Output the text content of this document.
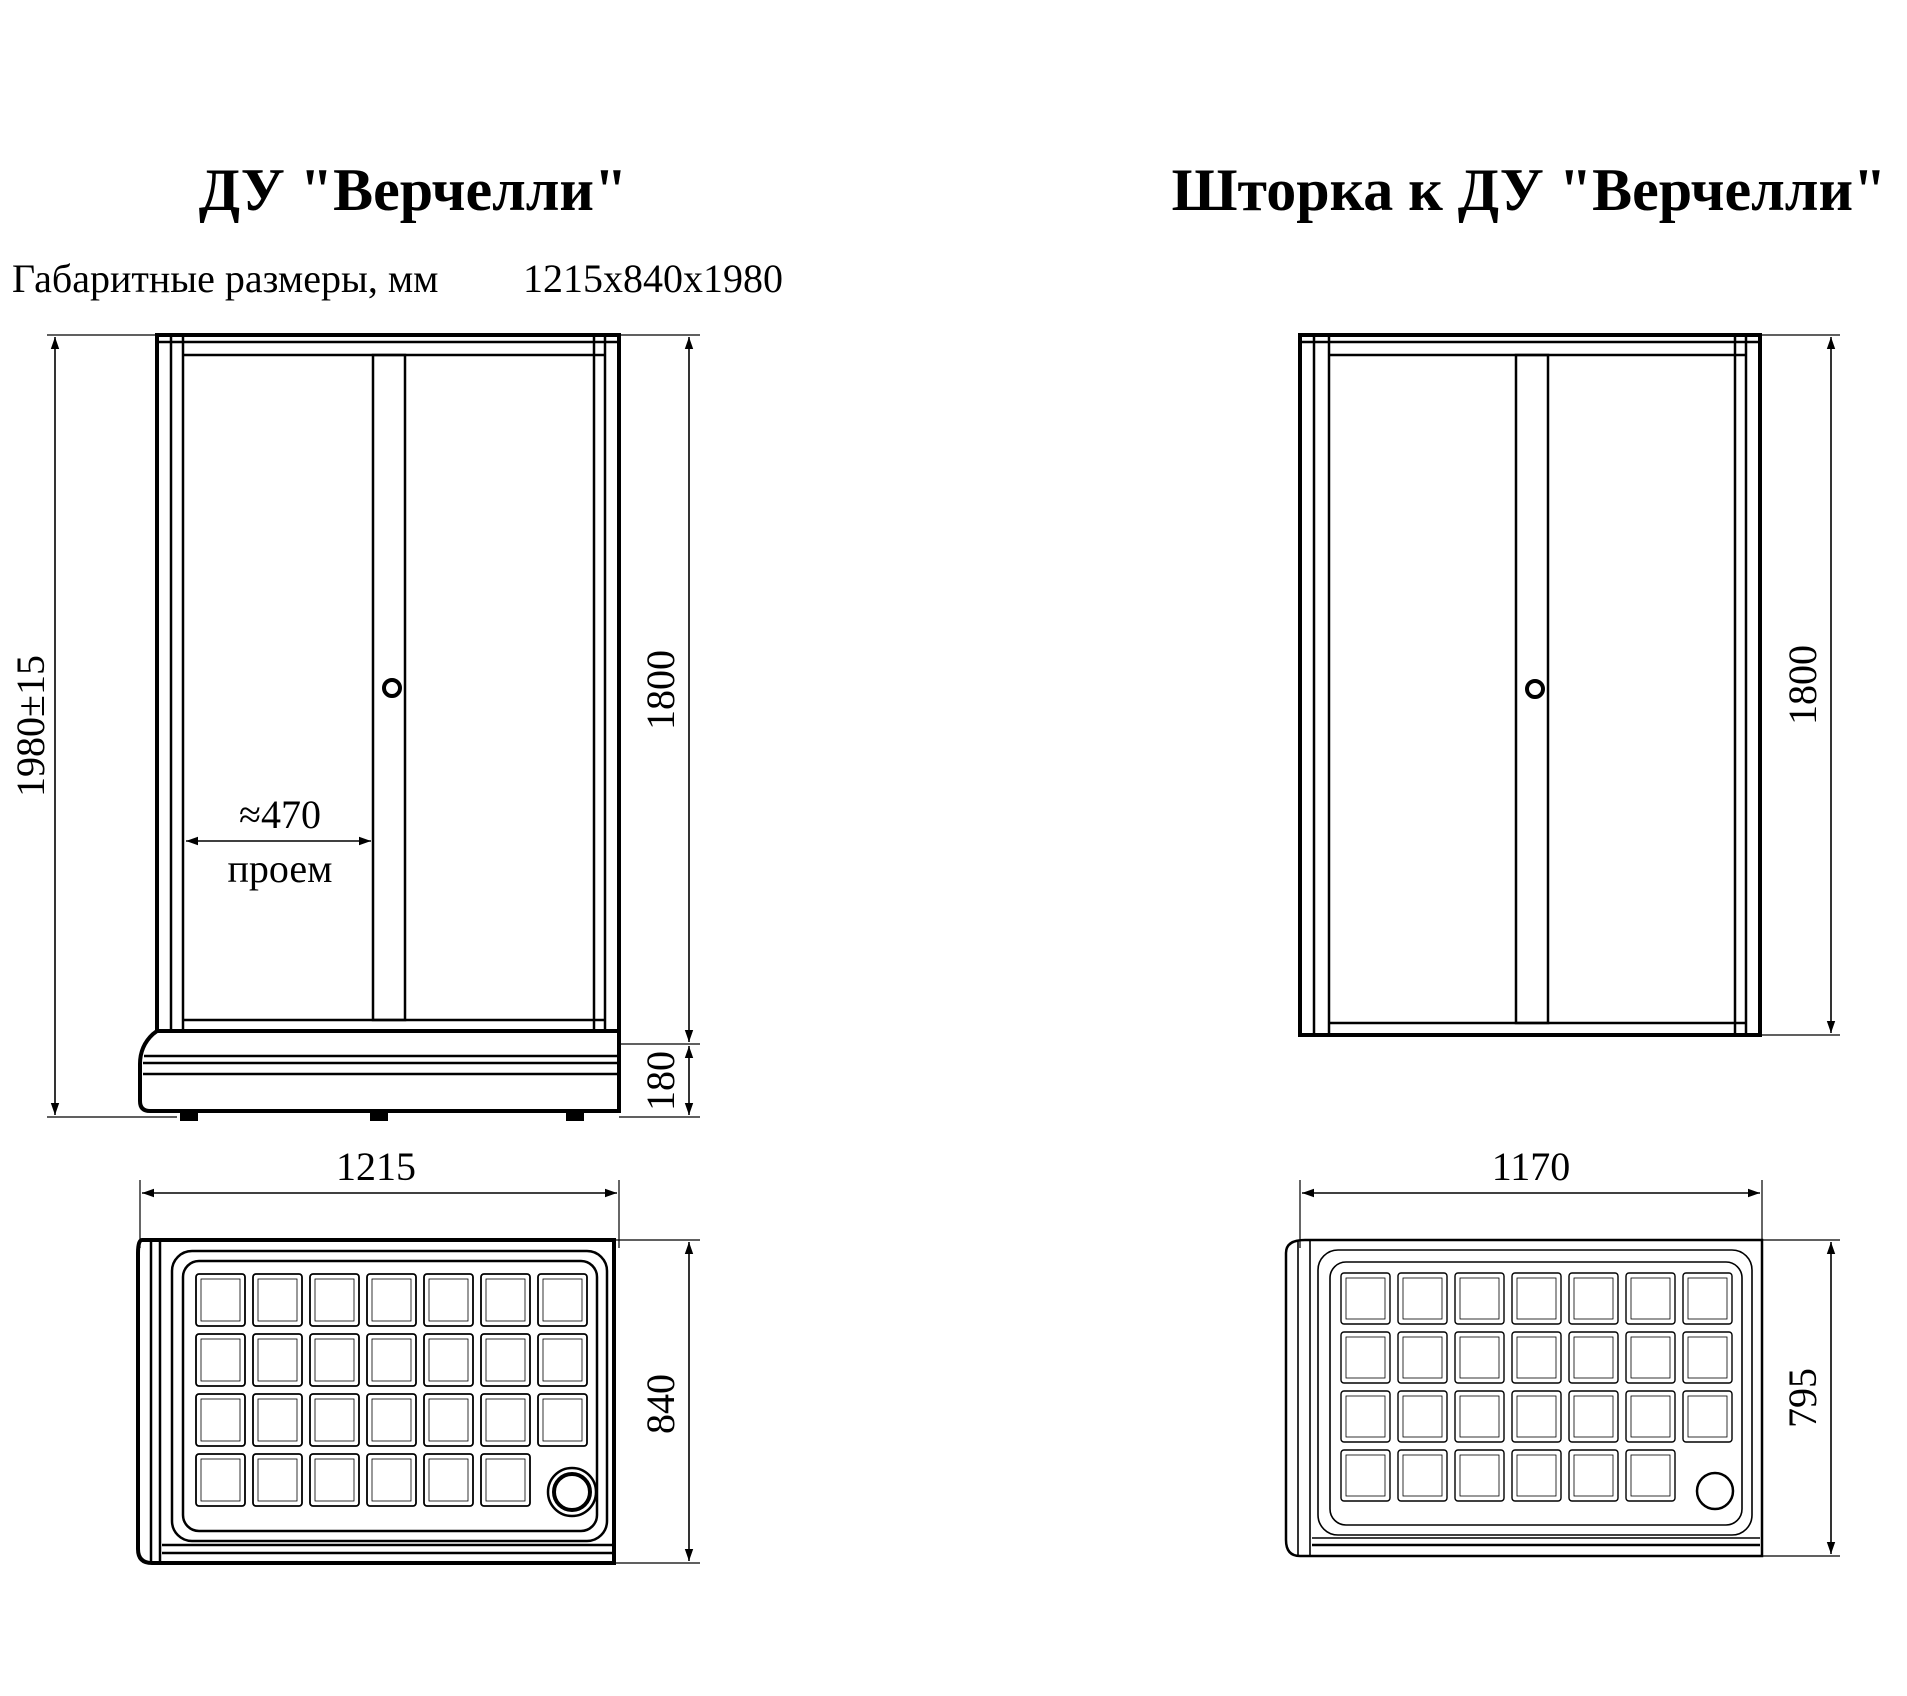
ДУ "Верчелли"
Габаритные размеры, мм 1215x840x1980
1980±15	1800
180
≈470
проем
1215
840
Шторка к ДУ "Верчелли"
1800
1170
795
